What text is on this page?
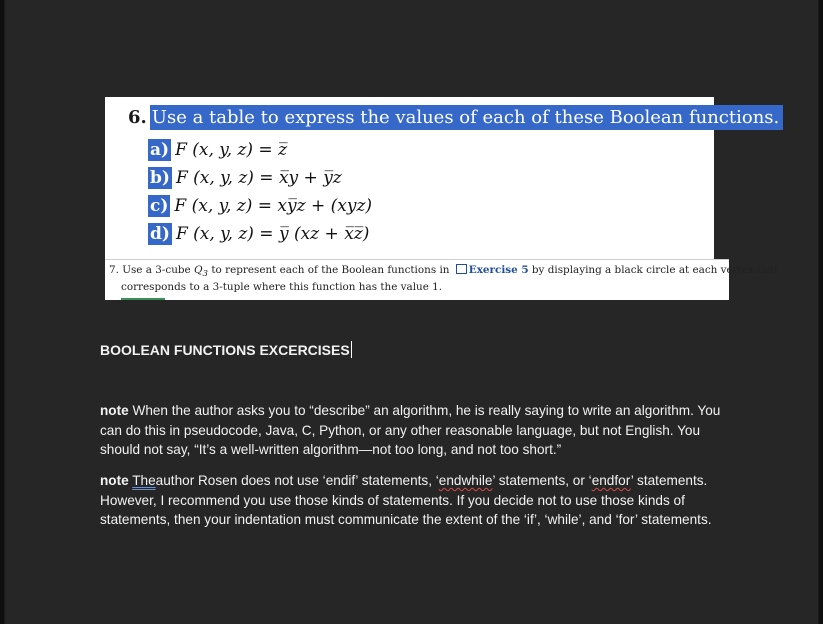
6. Use a table to express the values of each of these Boolean functions.
a) F (x, y, z) = z̅
b) F (x, y, z) = x̅y + y̅z
c) F (x, y, z) = xy̅z + (xyz)
d) F (x, y, z) = y̅ (xz + x̅z̅)
7. Use a 3-cube $Q_3$ to represent each of the Boolean functions in Exercise 5 by displaying a black circle at each vertex that
corresponds to a 3-tuple where this function has the value 1.
BOOLEAN FUNCTIONS EXCERCISES
note When the author asks you to “describe” an algorithm, he is really saying to write an algorithm. You can do this in pseudocode, Java, C, Python, or any other reasonable language, but not English. You should not say, “It’s a well-written algorithm—not too long, and not too short.”
note Theauthor Rosen does not use ‘endif’ statements, ‘endwhile’ statements, or ‘endfor’ statements. However, I recommend you use those kinds of statements. If you decide not to use those kinds of statements, then your indentation must communicate the extent of the ‘if’, ‘while’, and ‘for’ statements.
